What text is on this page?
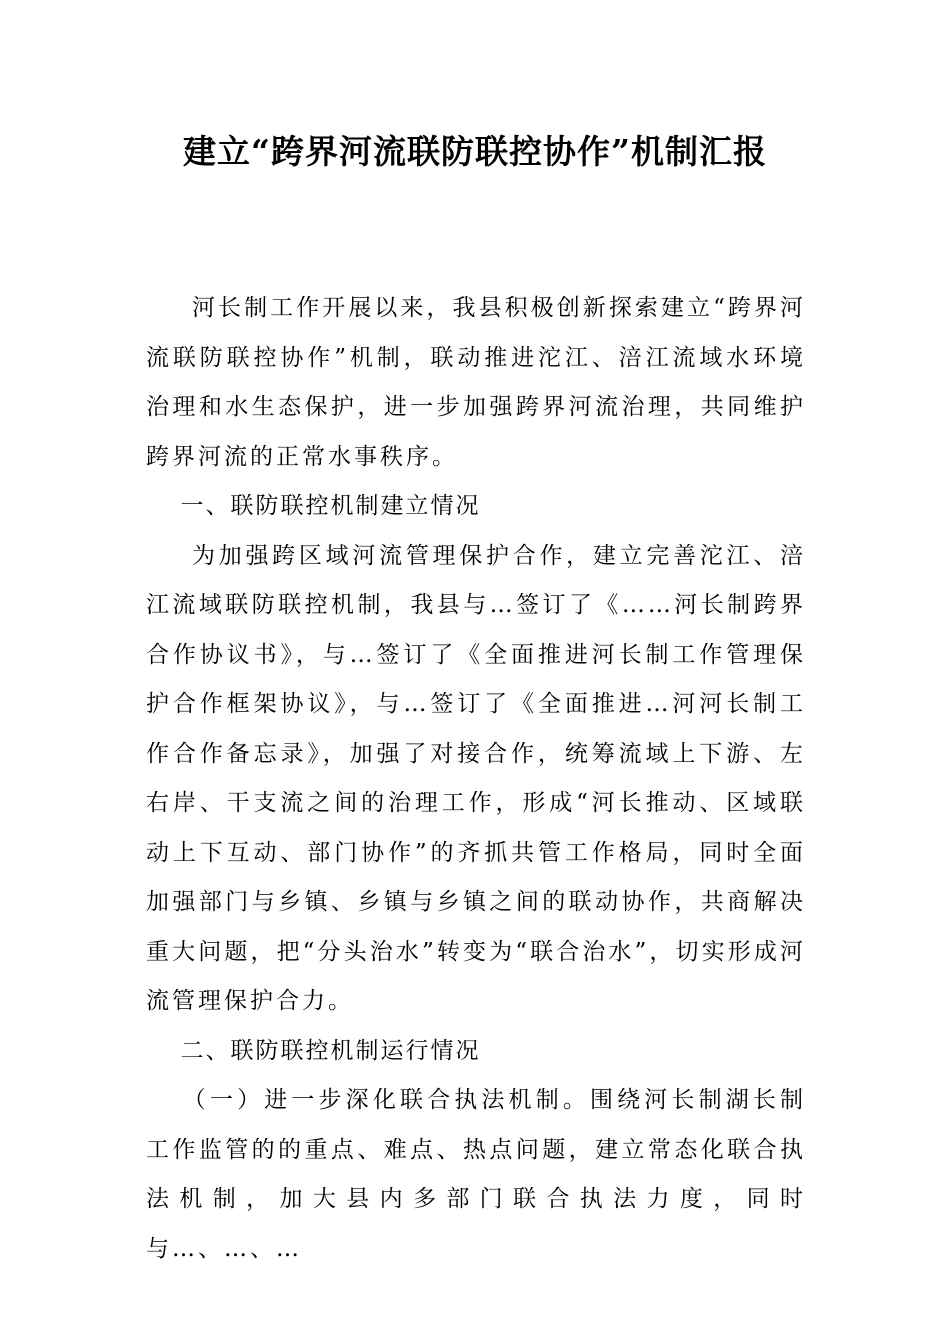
建立“跨界河流联防联控协作”机制汇报

河长制工作开展以来，我县积极创新探索建立“跨界河流联防联控协作”机制，联动推进沱江、涪江流域水环境治理和水生态保护，进一步加强跨界河流治理，共同维护跨界河流的正常水事秩序。

一、联防联控机制建立情况

为加强跨区域河流管理保护合作，建立完善沱江、涪江流域联防联控机制，我县与…签订了《……河长制跨界合作协议书》，与…签订了《全面推进河长制工作管理保护合作框架协议》，与…签订了《全面推进…河河长制工作合作备忘录》，加强了对接合作，统筹流域上下游、左右岸、干支流之间的治理工作，形成“河长推动、区域联动上下互动、部门协作”的齐抓共管工作格局，同时全面加强部门与乡镇、乡镇与乡镇之间的联动协作，共商解决重大问题，把“分头治水”转变为“联合治水”，切实形成河流管理保护合力。

二、联防联控机制运行情况

（一）进一步深化联合执法机制。围绕河长制湖长制工作监管的的重点、难点、热点问题，建立常态化联合执法机制，加大县内多部门联合执法力度，同时与…、…、…
